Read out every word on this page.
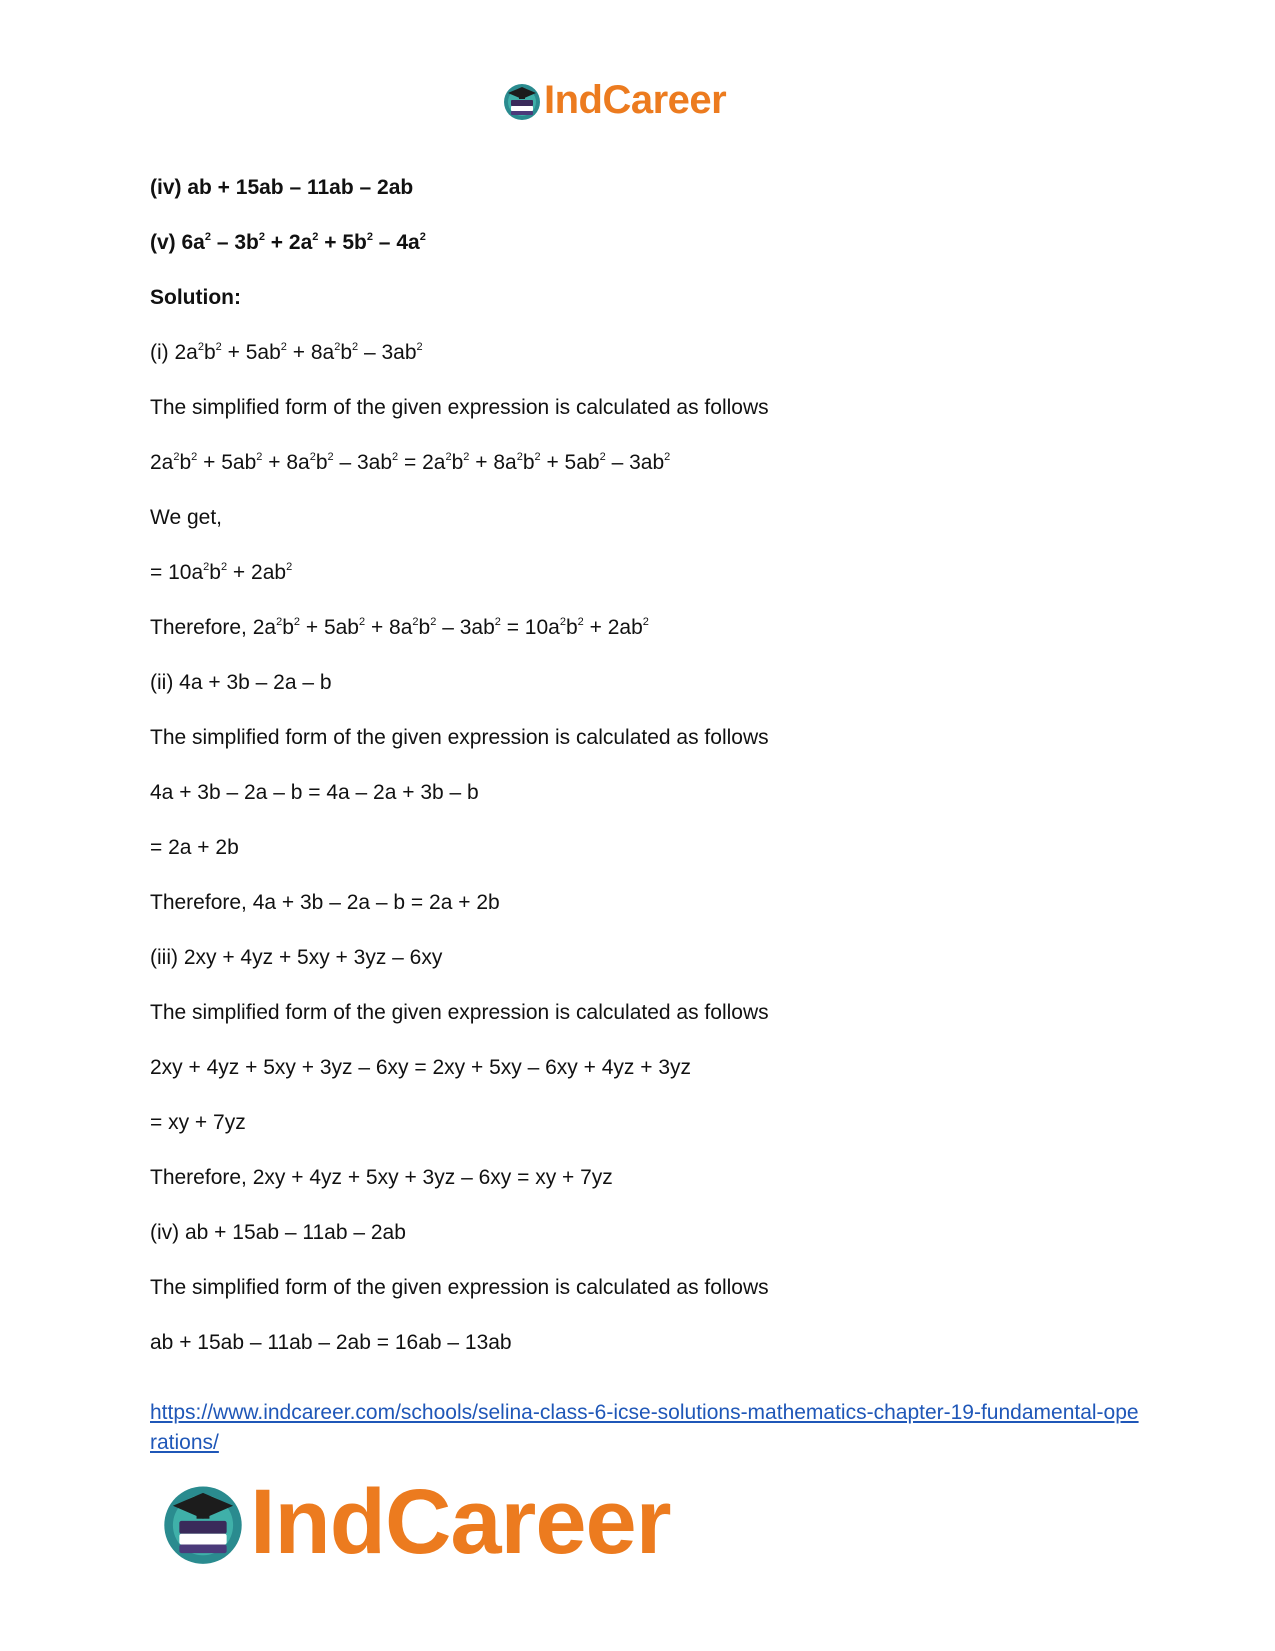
IndCareer
(iv) ab + 15ab – 11ab – 2ab
(v) $6a^2 - 3b^2 + 2a^2 + 5b^2 - 4a^2$
Solution:
(i) $2a^2b^2 + 5ab^2 + 8a^2b^2 - 3ab^2$
The simplified form of the given expression is calculated as follows
$2a^2b^2 + 5ab^2 + 8a^2b^2 - 3ab^2 = 2a^2b^2 + 8a^2b^2 + 5ab^2 - 3ab^2$
We get,
= $10a^2b^2 + 2ab^2$
Therefore, $2a^2b^2 + 5ab^2 + 8a^2b^2 - 3ab^2 = 10a^2b^2 + 2ab^2$
(ii) 4a + 3b – 2a – b
The simplified form of the given expression is calculated as follows
4a + 3b – 2a – b = 4a – 2a + 3b – b
= 2a + 2b
Therefore, 4a + 3b – 2a – b = 2a + 2b
(iii) 2xy + 4yz + 5xy + 3yz – 6xy
The simplified form of the given expression is calculated as follows
2xy + 4yz + 5xy + 3yz – 6xy = 2xy + 5xy – 6xy + 4yz + 3yz
= xy + 7yz
Therefore, 2xy + 4yz + 5xy + 3yz – 6xy = xy + 7yz
(iv) ab + 15ab – 11ab – 2ab
The simplified form of the given expression is calculated as follows
ab + 15ab – 11ab – 2ab = 16ab – 13ab
https://www.indcareer.com/schools/selina-class-6-icse-solutions-mathematics-chapter-19-fundamental-operations/
IndCareer
